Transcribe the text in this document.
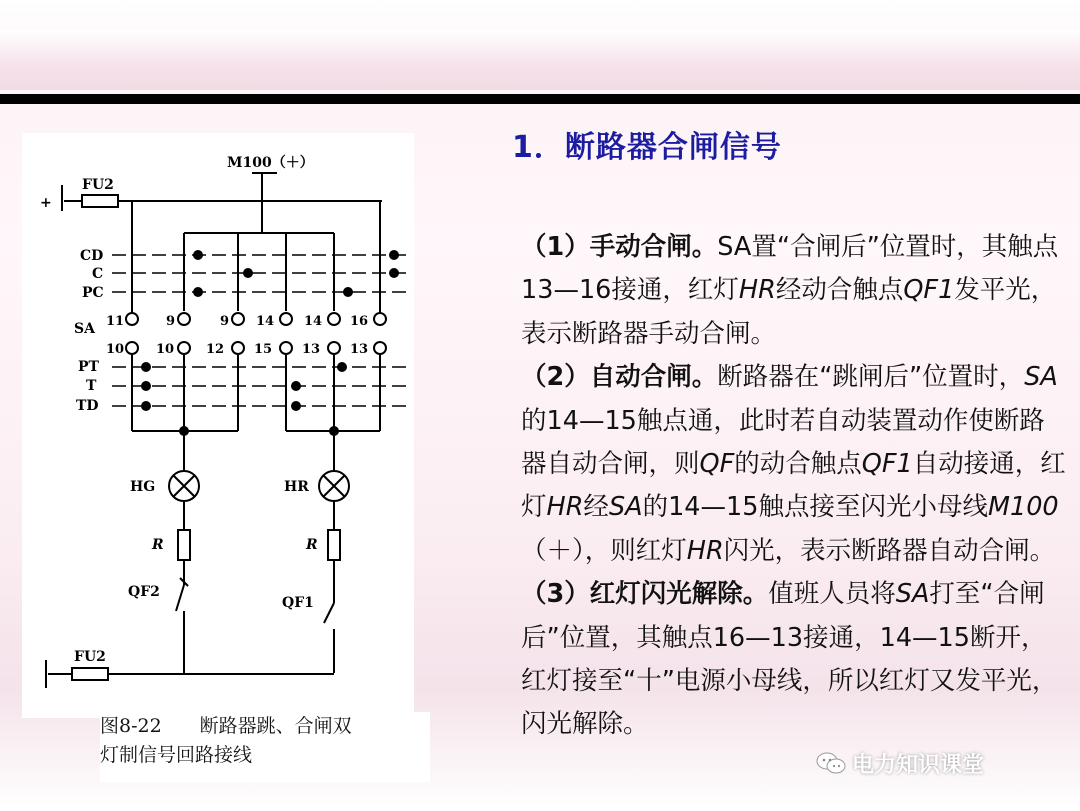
M100（＋）
FU2
+
CD
C
PC
SA
PT
T
TD
HG	HR
R	R
QF2
QF1
FU2
11	9	9 14 14 16
10 10 12 15 13 13
图8-22　　断路器跳、合闸双
灯制信号回路接线
1．断路器合闸信号

（1）手动合闸。SA置“合闸后”位置时，其触点13—16接通，红灯HR经动合触点QF1发平光，表示断路器手动合闸。

（2）自动合闸。断路器在“跳闸后”位置时，SA的14—15触点通，此时若自动装置动作使断路器自动合闸，则QF的动合触点QF1自动接通，红灯HR经SA的14—15触点接至闪光小母线M100（＋），则红灯HR闪光，表示断路器自动合闸。

（3）红灯闪光解除。值班人员将SA打至“合闸后”位置，其触点16—13接通，14—15断开，红灯接至“十”电源小母线，所以红灯又发平光，闪光解除。

电力知识课堂
